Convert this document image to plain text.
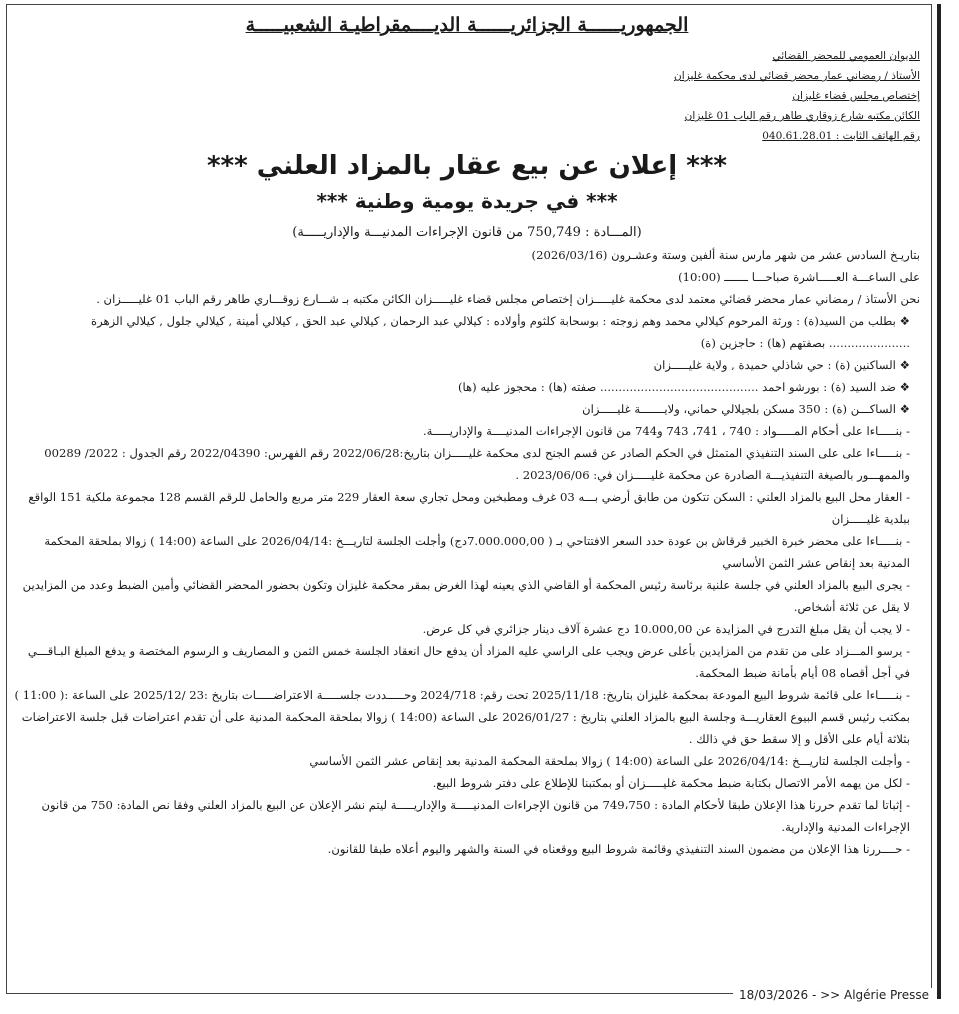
الجمهوريــــــة الجزائريــــــة الديــــمقراطيـة الشعبيـــــة
الديوان العمومي للمحضر القضائي
الأستاذ / رمضاني عمار محضر قضائي لدى محكمة غليزان
إختصاص مجلس قضاء غليزان
الكائن مكتبه شارع زوقاري طاهر رقم الباب 01 غليزان
رقم الهاتف الثابت : 040.61.28.01
*** إعلان عن بيع عقار بالمزاد العلني ***
*** في جريدة يومية وطنية ***
(المـــادة : 750,749 من قانون الإجراءات المدنيـــة والإداريـــــة)

بتاريـخ السادس عشر من شهر مارس سنة ألفين وستة وعشـرون (2026/03/16)

على الساعـــة العـــــاشرة صباحـــا ـــــــ (10:00)

نحن الأستاذ / رمضاني عمار محضر قضائي معتمد لدى محكمة غليـــــزان إختصاص مجلس قضاء غليـــــزان الكائن مكتبه بـ شـــارع زوقـــاري طاهر رقم الباب 01 غليـــــزان .

❖ بطلب من السيد(ة) : ورثة المرحوم كيلالي محمد وهم زوجته : بوسحابة كلثوم وأولاده : كيلالي عبد الرحمان , كيلالي عبد الحق , كيلالي أمينة , كيلالي جلول , كيلالي الزهرة ...................... بصفتهم (ها) : حاجزين (ة)

❖ الساكنين (ة) : حي شاذلي حميدة , ولاية غليـــــزان

❖ ضد السيد (ة) : بورشو احمد ........................................... صفته (ها) : محجوز عليه (ها)

❖ الساكـــن (ة) : 350 مسكن بلجيلالي حماني، ولايـــــــة غليـــــزان

- بنـــــاءا على أحكام المـــــواد : 740 ، 741، 743 و744 من قانون الإجراءات المدنيــــة والإداريـــــة.

- بنـــــاءا على على السند التنفيذي المتمثل في الحكم الصادر عن قسم الجنح لدى محكمة غليـــــزان بتاريخ:2022/06/28 رقم الفهرس: 2022/04390 رقم الجدول : 2022/ 00289 والممهـــور بالصيغة التنفيذيـــة الصادرة عن محكمة غليـــــزان في: 2023/06/06 .

- العقار محل البيع بالمزاد العلني : السكن تتكون من طابق أرضي بـــه 03 غرف ومطبخين ومحل تجاري سعة العقار 229 متر مربع والحامل للرقم القسم 128 مجموعة ملكية 151 الواقع ببلدية غليـــــزان

- بنـــــاءا على محضر خبرة الخبير قرقاش بن عودة حدد السعر الافتتاحي بـ ( 7.000.000,00دج) وأجلت الجلسة لتاريـــخ :2026/04/14 على الساعة (14:00 ) زوالا بملحقة المحكمة المدنية بعد إنقاص عشر الثمن الأساسي

- يجرى البيع بالمزاد العلني في جلسة علنية برئاسة رئيس المحكمة أو القاضي الذي يعينه لهذا الغرض بمقر محكمة غليزان وتكون بحضور المحضر القضائي وأمين الضبط وعدد من المزايدين لا يقل عن ثلاثة أشخاص.

- لا يجب أن يقل مبلغ التدرج في المزايدة عن 10.000,00 دج عشرة آلاف دينار جزائري في كل عرض.

- يرسو المـــزاد على من تقدم من المزايدين بأعلى عرض ويجب على الراسي عليه المزاد أن يدفع حال انعقاد الجلسة خمس الثمن و المصاريف و الرسوم المختصة و يدفع المبلغ البـاقـــي في أجل أقصاه 08 أيام بأمانة ضبط المحكمة.

- بنـــــاءا على قائمة شروط البيع المودعة بمحكمة غليزان بتاريخ: 2025/11/18 تحت رقم: 2024/718 وحـــــددت جلســـــة الاعتراضـــــات بتاريخ :23 /2025/12 على الساعة :( 11:00 ) بمكتب رئيس قسم البيوع العقاريـــة وجلسة البيع بالمزاد العلني بتاريخ : 2026/01/27 على الساعة (14:00 ) زوالا بملحقة المحكمة المدنية على أن تقدم اعتراضات قبل جلسة الاعتراضات بثلاثة أيام على الأقل و إلا سقط حق في ذالك .

- وأجلت الجلسة لتاريـــخ :2026/04/14 على الساعة (14:00 ) زوالا بملحقة المحكمة المدنية بعد إنقاص عشر الثمن الأساسي

- لكل من يهمه الأمر الاتصال بكتابة ضبط محكمة غليـــــزان أو بمكتبنا للإطلاع على دفتر شروط البيع.

- إثباتا لما تقدم حررنا هذا الإعلان طبقا لأحكام المادة : 749،750 من قانون الإجراءات المدنيـــــة والإداريـــــة ليتم نشر الإعلان عن البيع بالمزاد العلني وفقا نص المادة: 750 من قانون الإجراءات المدنية والإدارية.

- حــــررنا هذا الإعلان من مضمون السند التنفيذي وقائمة شروط البيع ووقعناه في السنة والشهر واليوم أعلاه طبقا للقانون.

18/03/2026 - >> Algérie Presse
